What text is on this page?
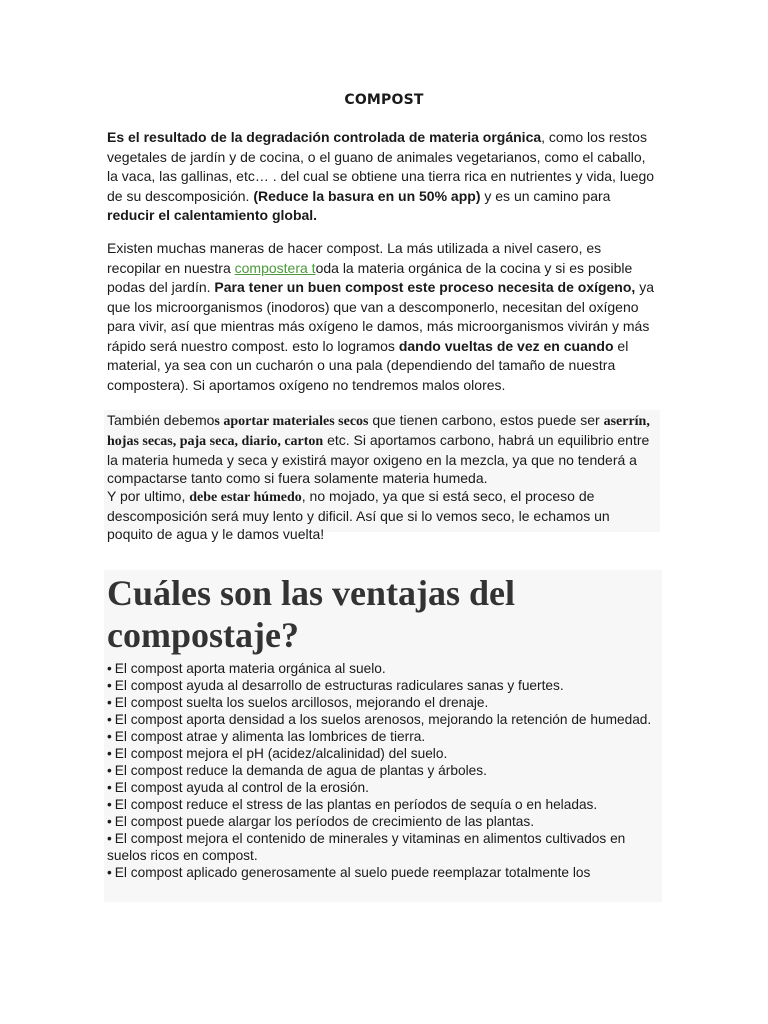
COMPOST

Es el resultado de la degradación controlada de materia orgánica, como los restos vegetales de jardín y de cocina, o el guano de animales vegetarianos, como el caballo, la vaca, las gallinas, etc… . del cual se obtiene una tierra rica en nutrientes y vida, luego de su descomposición. (Reduce la basura en un 50% app) y es un camino para reducir el calentamiento global.

Existen muchas maneras de hacer compost. La más utilizada a nivel casero, es recopilar en nuestra compostera toda la materia orgánica de la cocina y si es posible podas del jardín. Para tener un buen compost este proceso necesita de oxígeno, ya que los microorganismos (inodoros) que van a descomponerlo, necesitan del oxígeno para vivir, así que mientras más oxígeno le damos, más microorganismos vivirán y más rápido será nuestro compost. esto lo logramos dando vueltas de vez en cuando el material, ya sea con un cucharón o una pala (dependiendo del tamaño de nuestra compostera). Si aportamos oxígeno no tendremos malos olores.

También debemos aportar materiales secos que tienen carbono, estos puede ser aserrín, hojas secas, paja seca, diario, carton etc. Si aportamos carbono, habrá un equilibrio entre la materia humeda y seca y existirá mayor oxigeno en la mezcla, ya que no tenderá a compactarse tanto como si fuera solamente materia humeda.
Y por ultimo, debe estar húmedo, no mojado, ya que si está seco, el proceso de descomposición será muy lento y dificil. Así que si lo vemos seco, le echamos un poquito de agua y le damos vuelta!

Cuáles son las ventajas del compostaje?
• El compost aporta materia orgánica al suelo.
• El compost ayuda al desarrollo de estructuras radiculares sanas y fuertes.
• El compost suelta los suelos arcillosos, mejorando el drenaje.
• El compost aporta densidad a los suelos arenosos, mejorando la retención de humedad.
• El compost atrae y alimenta las lombrices de tierra.
• El compost mejora el pH (acidez/alcalinidad) del suelo.
• El compost reduce la demanda de agua de plantas y árboles.
• El compost ayuda al control de la erosión.
• El compost reduce el stress de las plantas en períodos de sequía o en heladas.
• El compost puede alargar los períodos de crecimiento de las plantas.
• El compost mejora el contenido de minerales y vitaminas en alimentos cultivados en suelos ricos en compost.
• El compost aplicado generosamente al suelo puede reemplazar totalmente los
